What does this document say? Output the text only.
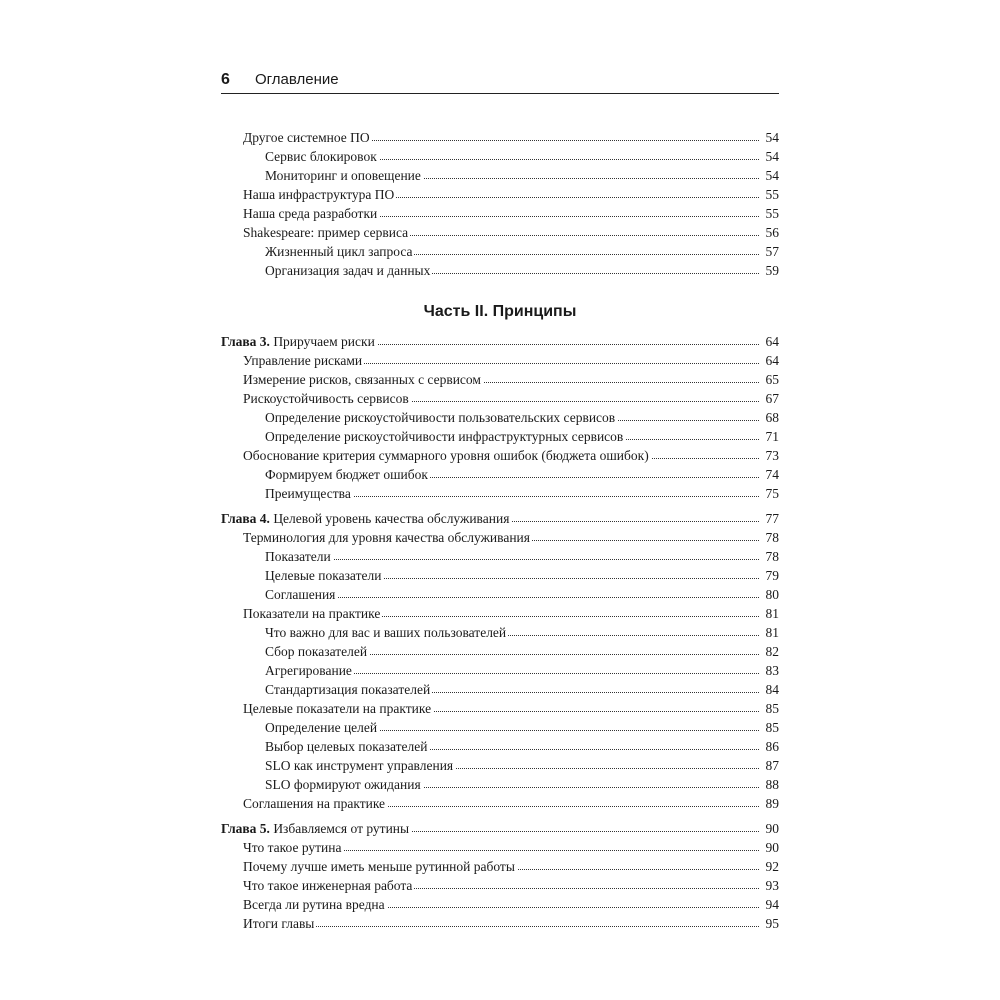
6 Оглавление
Часть II. Принципы
Другое системное ПО	54
Сервис блокировок	54
Мониторинг и оповещение	54
Наша инфраструктура ПО	55
Наша среда разработки	55
Shakespeare: пример сервиса	56
Жизненный цикл запроса	57
Организация задач и данных	59
Глава 3. Приручаем риски	64
Управление рисками	64
Измерение рисков, связанных с сервисом	65
Рискоустойчивость сервисов	67
Определение рискоустойчивости пользовательских сервисов	68
Определение рискоустойчивости инфраструктурных сервисов	71
Обоснование критерия суммарного уровня ошибок (бюджета ошибок)	73
Формируем бюджет ошибок	74
Преимущества	75
Глава 4. Целевой уровень качества обслуживания	77
Терминология для уровня качества обслуживания	78
Показатели	78
Целевые показатели	79
Соглашения	80
Показатели на практике	81
Что важно для вас и ваших пользователей	81
Сбор показателей	82
Агрегирование	83
Стандартизация показателей	84
Целевые показатели на практике	85
Определение целей	85
Выбор целевых показателей	86
SLO как инструмент управления	87
SLO формируют ожидания	88
Соглашения на практике	89
Глава 5. Избавляемся от рутины	90
Что такое рутина	90
Почему лучше иметь меньше рутинной работы	92
Что такое инженерная работа	93
Всегда ли рутина вредна	94
Итоги главы	95
